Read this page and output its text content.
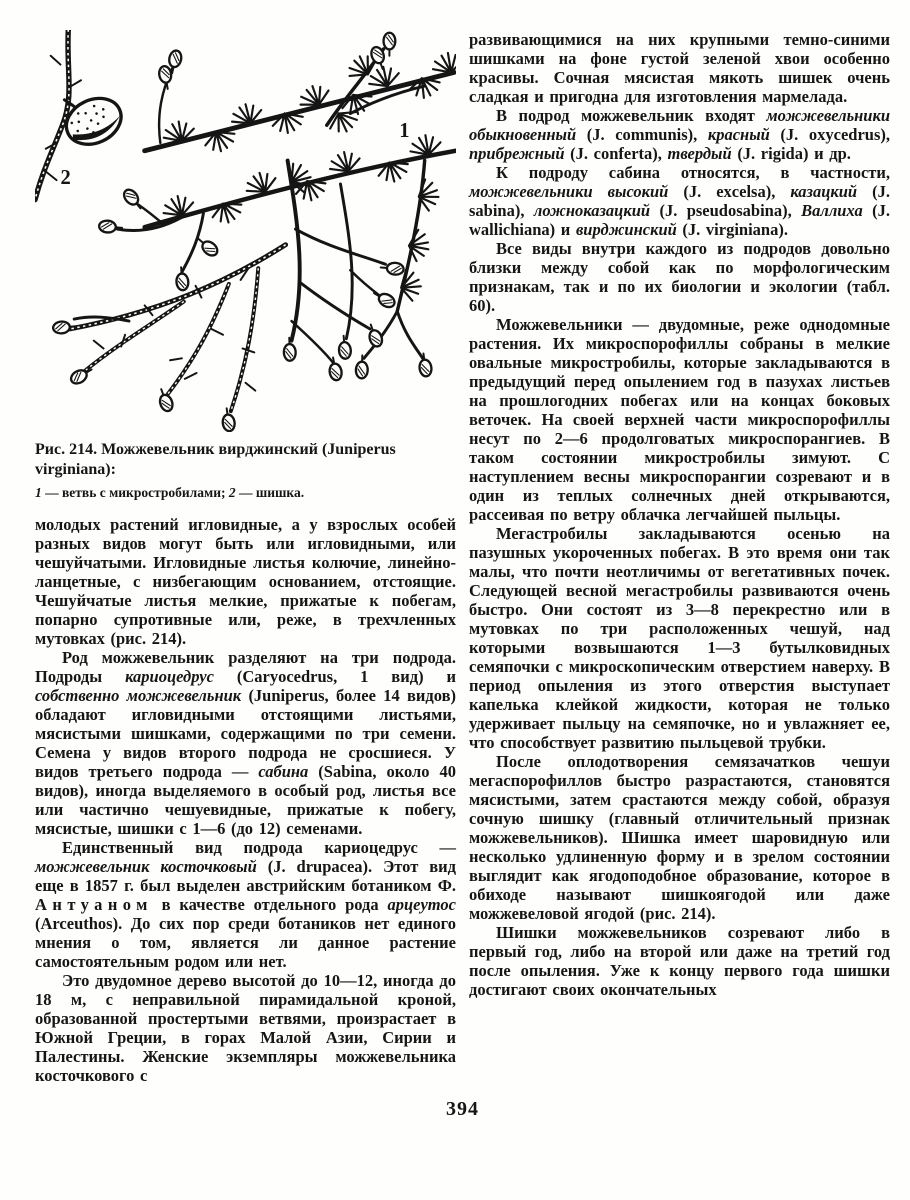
2
1
Рис. 214. Можжевельник вирджинский (Juniperus virginiana):
1 — ветвь с микростробилами; 2 — шишка.

молодых растений игловидные, а у взрослых особей разных видов могут быть или игловидными, или чешуйчатыми. Игловидные листья колючие, линейно-ланцетные, с низбегающим основанием, отстоящие. Чешуйчатые листья мелкие, прижатые к побегам, попарно супротивные или, реже, в трехчленных мутовках (рис. 214).

Род можжевельник разделяют на три подрода. Подроды кариоцедрус (Caryocedrus, 1 вид) и собственно можжевельник (Juniperus, более 14 видов) обладают игловидными отстоящими листьями, мясистыми шишками, содержащими по три семени. Семена у видов второго подрода не сросшиеся. У видов третьего подрода — сабина (Sabina, около 40 видов), иногда выделяемого в особый род, листья все или частично чешуевидные, прижатые к побегу, мясистые, шишки с 1—6 (до 12) семенами.

Единственный вид подрода кариоцедрус — можжевельник косточковый (J. drupacea). Этот вид еще в 1857 г. был выделен австрийским ботаником Ф. Антуаном в качестве отдельного рода арцеутос (Arceuthos). До сих пор среди ботаников нет единого мнения о том, является ли данное растение самостоятельным родом или нет.

Это двудомное дерево высотой до 10—12, иногда до 18 м, с неправильной пирамидальной кроной, образованной простертыми ветвями, произрастает в Южной Греции, в горах Малой Азии, Сирии и Палестины. Женские экземпляры можжевельника косточкового с

развивающимися на них крупными темно-синими шишками на фоне густой зеленой хвои особенно красивы. Сочная мясистая мякоть шишек очень сладкая и пригодна для изготовления мармелада.

В подрод можжевельник входят можжевельники обыкновенный (J. communis), красный (J. oxycedrus), прибрежный (J. conferta), твердый (J. rigida) и др.

К подроду сабина относятся, в частности, можжевельники высокий (J. excelsa), казацкий (J. sabina), ложноказацкий (J. pseudosabina), Валлиха (J. wallichiana) и вирджинский (J. virginiana).

Все виды внутри каждого из подродов довольно близки между собой как по морфологическим признакам, так и по их биологии и экологии (табл. 60).

Можжевельники — двудомные, реже однодомные растения. Их микроспорофиллы собраны в мелкие овальные микростробилы, которые закладываются в предыдущий перед опылением год в пазухах листьев на прошлогодних побегах или на концах боковых веточек. На своей верхней части микроспорофиллы несут по 2—6 продолговатых микроспорангиев. В таком состоянии микростробилы зимуют. С наступлением весны микроспорангии созревают и в один из теплых солнечных дней открываются, рассеивая по ветру облачка легчайшей пыльцы.

Мегастробилы закладываются осенью на пазушных укороченных побегах. В это время они так малы, что почти неотличимы от вегетативных почек. Следующей весной мегастробилы развиваются очень быстро. Они состоят из 3—8 перекрестно или в мутовках по три расположенных чешуй, над которыми возвышаются 1—3 бутылковидных семяпочки с микроскопическим отверстием наверху. В период опыления из этого отверстия выступает капелька клейкой жидкости, которая не только удерживает пыльцу на семяпочке, но и увлажняет ее, что способствует развитию пыльцевой трубки.

После оплодотворения семязачатков чешуи мегаспорофиллов быстро разрастаются, становятся мясистыми, затем срастаются между собой, образуя сочную шишку (главный отличительный признак можжевельников). Шишка имеет шаровидную или несколько удлиненную форму и в зрелом состоянии выглядит как ягодоподобное образование, которое в обиходе называют шишкоягодой или даже можжевеловой ягодой (рис. 214).

Шишки можжевельников созревают либо в первый год, либо на второй или даже на третий год после опыления. Уже к концу первого года шишки достигают своих окончательных

394
